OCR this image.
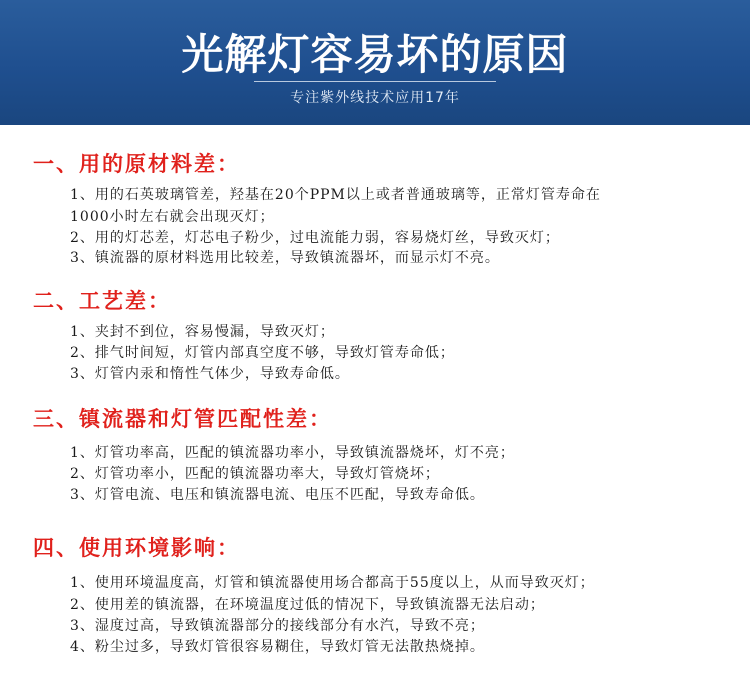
光解灯容易坏的原因
专注紫外线技术应用17年
一、用的原材料差：
1、用的石英玻璃管差，羟基在20个PPM以上或者普通玻璃等，正常灯管寿命在
1000小时左右就会出现灭灯；
2、用的灯芯差，灯芯电子粉少，过电流能力弱，容易烧灯丝，导致灭灯；
3、镇流器的原材料选用比较差，导致镇流器坏，而显示灯不亮。
二、工艺差：
1、夹封不到位，容易慢漏，导致灭灯；
2、排气时间短，灯管内部真空度不够，导致灯管寿命低；
3、灯管内汞和惰性气体少，导致寿命低。
三、镇流器和灯管匹配性差：
1、灯管功率高，匹配的镇流器功率小，导致镇流器烧坏，灯不亮；
2、灯管功率小，匹配的镇流器功率大，导致灯管烧坏；
3、灯管电流、电压和镇流器电流、电压不匹配，导致寿命低。
四、使用环境影响：
1、使用环境温度高，灯管和镇流器使用场合都高于55度以上，从而导致灭灯；
2、使用差的镇流器，在环境温度过低的情况下，导致镇流器无法启动；
3、湿度过高，导致镇流器部分的接线部分有水汽，导致不亮；
4、粉尘过多，导致灯管很容易糊住，导致灯管无法散热烧掉。
